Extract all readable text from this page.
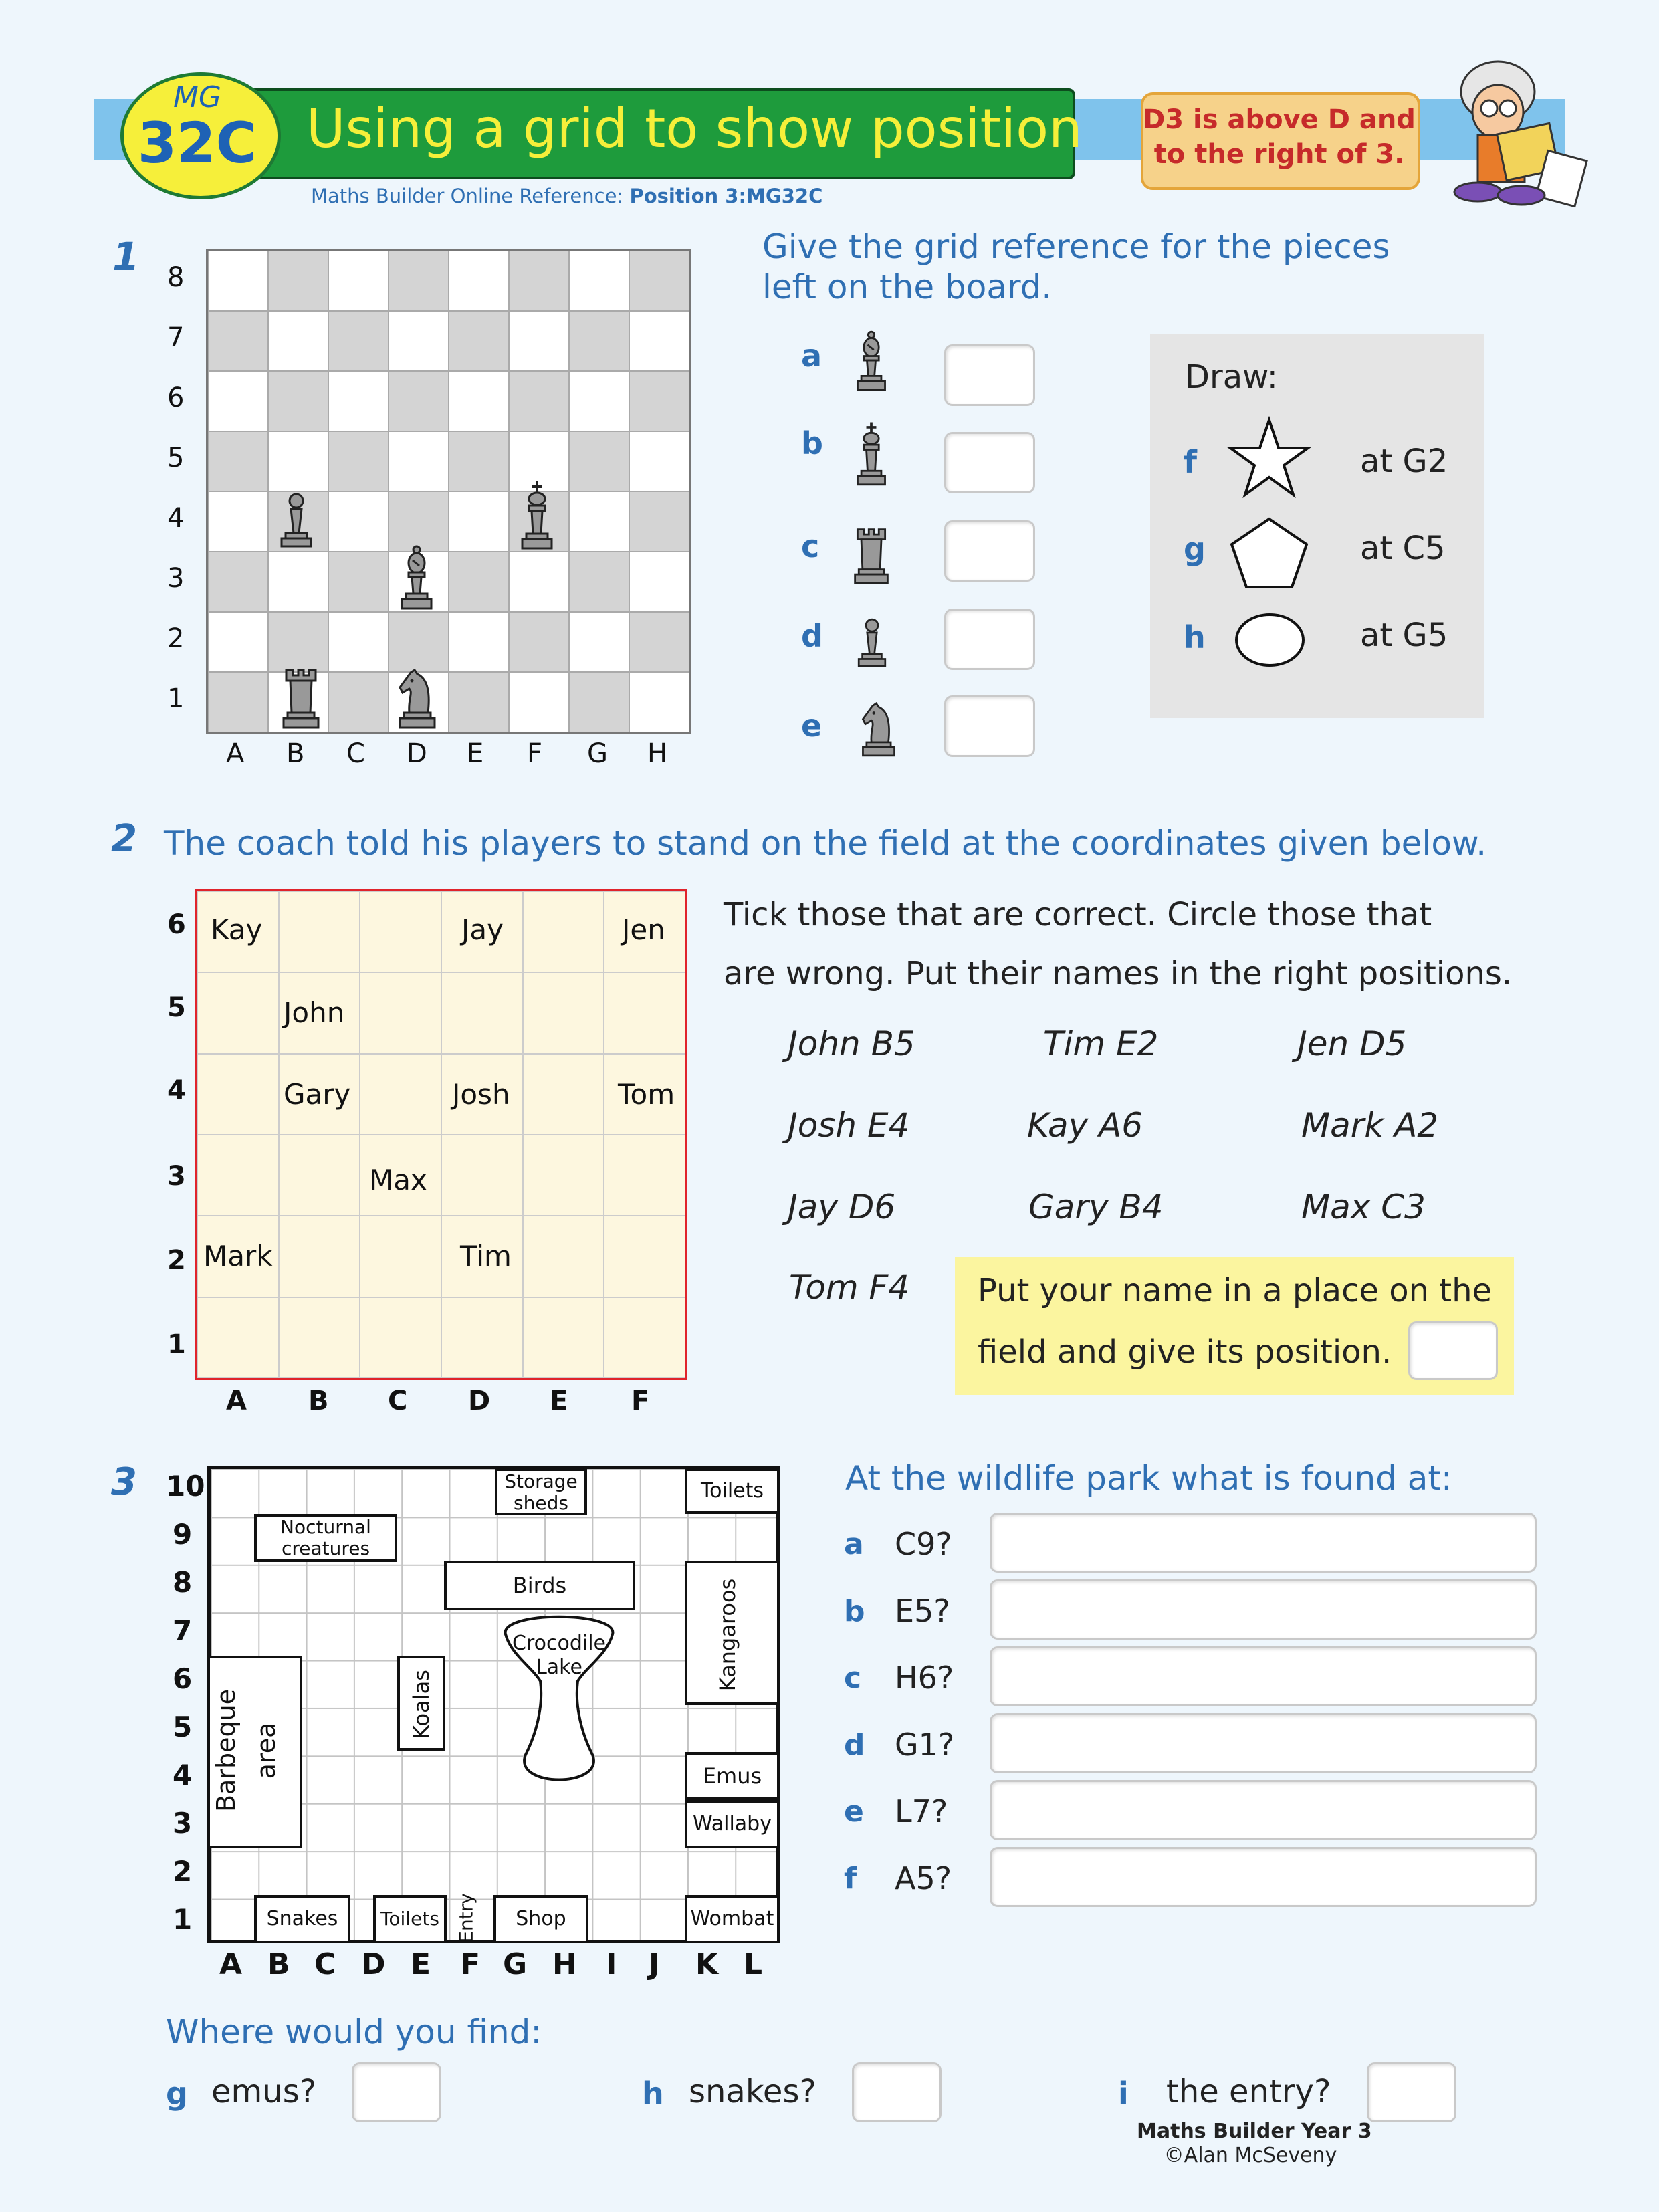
MG
32C Using a grid to show position
Maths Builder Online Reference: Position 3:MG32C
D3 is above D and
to the right of 3.
1 8
7
6
5
4
3
2
1
A B C D E F G H
Give the grid reference for the pieces
left on the board.
a
b
c
d
e
Draw:
f	at G2
g	at C5
h	at G5
2 The coach told his players to stand on the field at the coordinates given below.
6
5
4
3
2
1
A B C D E F
Kay	Jay	Jen
John
Gary	Josh	Tom
Max
Mark	Tim
Tick those that are correct. Circle those that
are wrong. Put their names in the right positions.
John B5	Tim E2	Jen D5
Josh E4	Kay A6	Mark A2
Jay D6	Gary B4	Max C3
Tom F4 Put your name in a place on the
field and give its position.
3 10
9
8
7
6
5
4
3
2
1
A B C D E F G H I J K L
Storage
sheds
Toilets
Nocturnal
creatures
Birds	Kangaroos
Crocodile
Lake
Koalas
Barbeque area	Emus
Wallaby
Snakes	Toilets Entry	Shop	Wombat
At the wildlife park what is found at:
a C9?
b E5?
c H6?
d G1?
e L7?
f A5?
Where would you find:
g emus?	h snakes?	i the entry?
Maths Builder Year 3
©Alan McSeveny
